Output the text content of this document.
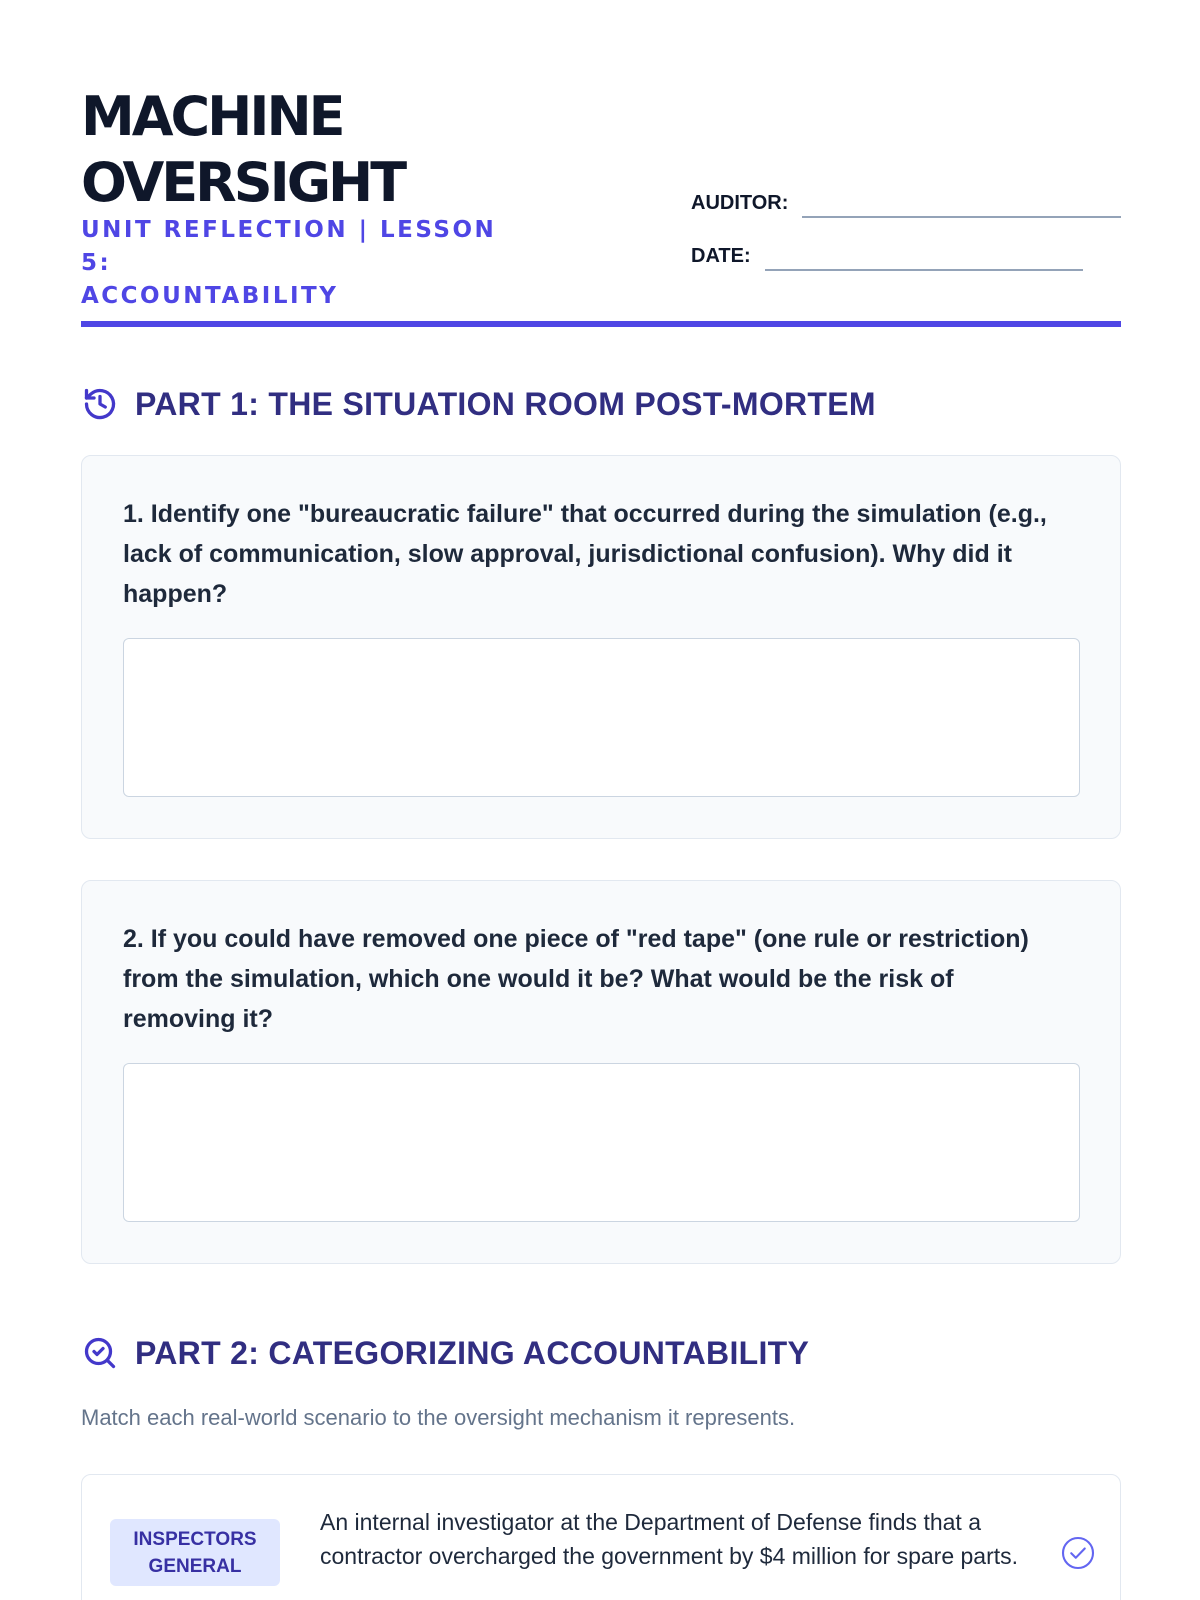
MACHINE
OVERSIGHT
UNIT REFLECTION | LESSON 5:
ACCOUNTABILITY
AUDITOR:
DATE:
PART 1: THE SITUATION ROOM POST-MORTEM
1. Identify one "bureaucratic failure" that occurred during the simulation (e.g., lack of communication, slow approval, jurisdictional confusion). Why did it happen?
2. If you could have removed one piece of "red tape" (one rule or restriction) from the simulation, which one would it be? What would be the risk of removing it?
PART 2: CATEGORIZING ACCOUNTABILITY
Match each real-world scenario to the oversight mechanism it represents.
INSPECTORS GENERAL
An internal investigator at the Department of Defense finds that a contractor overcharged the government by $4 million for spare parts.
